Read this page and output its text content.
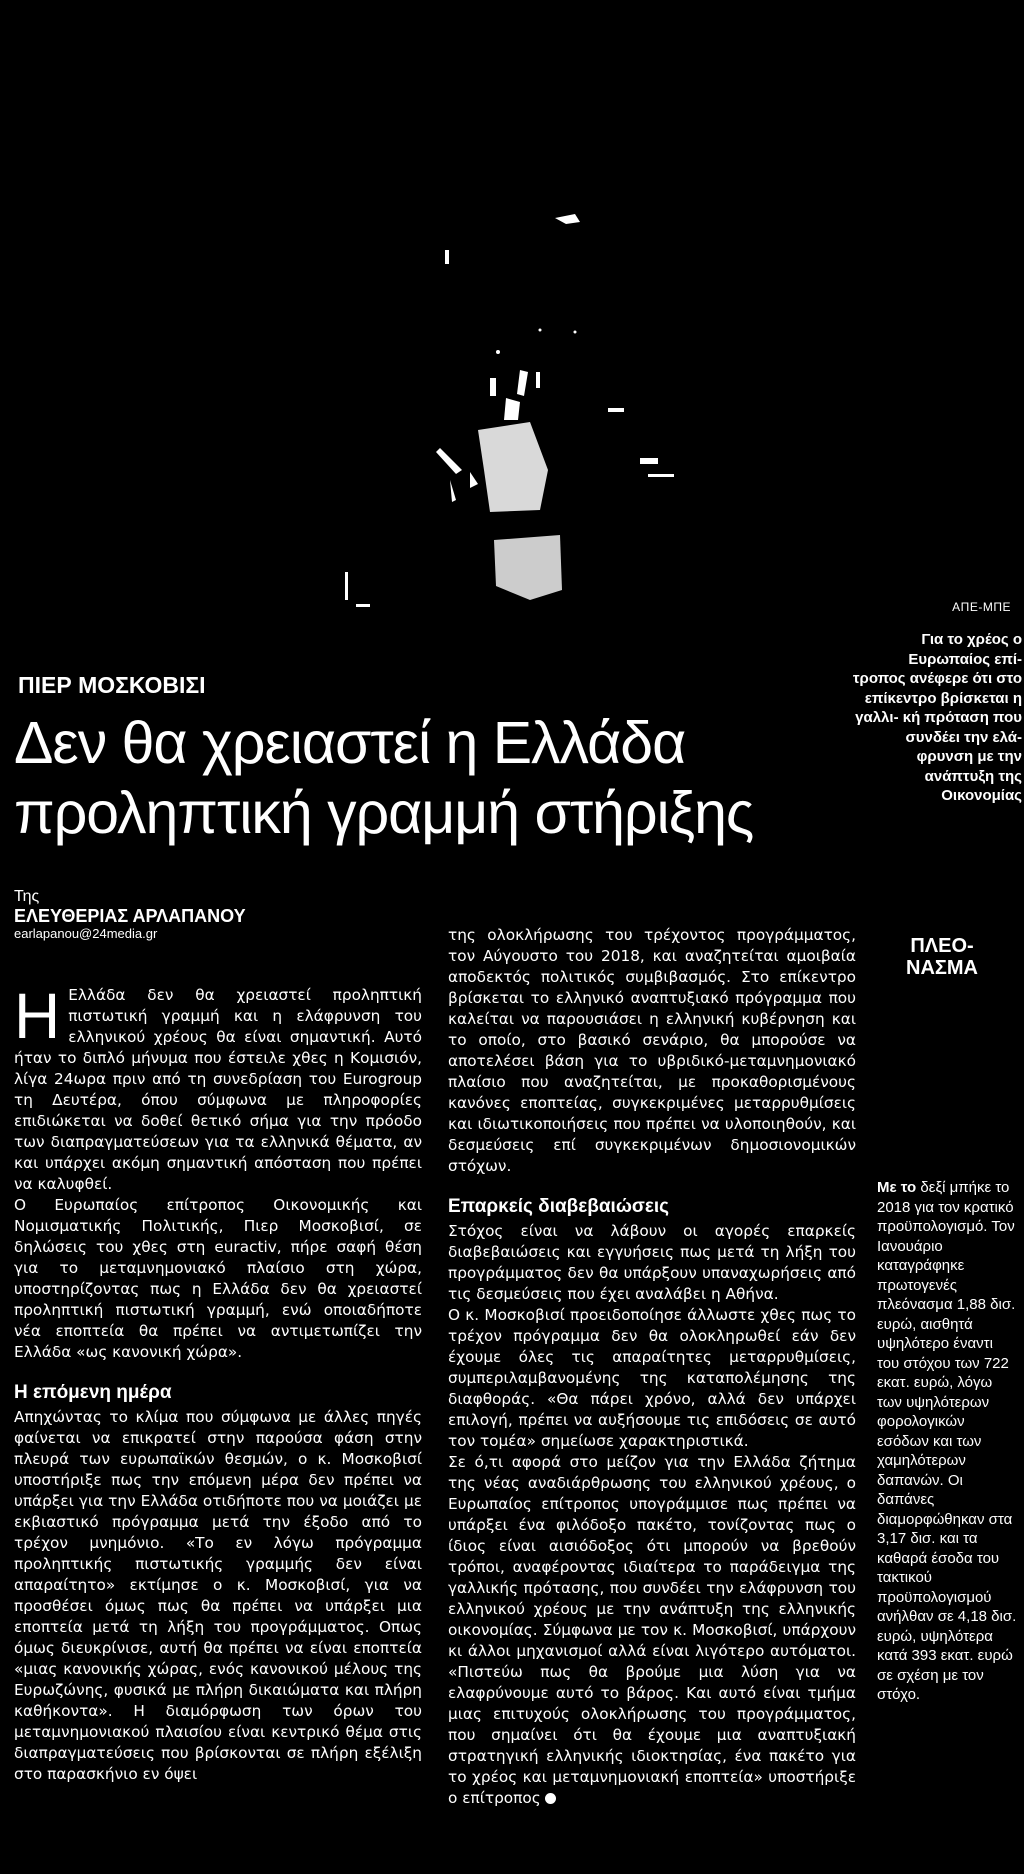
ΑΠΕ-ΜΠΕ
ΠΙΕΡ ΜΟΣΚΟΒΙΣΙ
Δεν θα χρειαστεί η Ελλάδα
προληπτική γραμμή στήριξης
Για το χρέος ο Ευρωπαίος επί- τροπος ανέφερε ότι στο επίκεντρο βρίσκεται η γαλλι- κή πρόταση που συνδέει την ελά- φρυνση με την ανάπτυξη της Οικονομίας
Της
ΕΛΕΥΘΕΡΙΑΣ ΑΡΛΑΠΑΝΟΥ
earlapanou@24media.gr

Η Ελλάδα δεν θα χρειαστεί προληπτική πιστωτική γραμμή και η ελάφρυνση του ελληνικού χρέους θα είναι σημαντική. Αυτό ήταν το διπλό μήνυμα που έστειλε χθες η Κομισιόν, λίγα 24ωρα πριν από τη συνεδρίαση του Eurogroup τη Δευτέρα, όπου σύμφωνα με πληροφορίες επιδιώκεται να δοθεί θετικό σήμα για την πρόοδο των διαπραγματεύσεων για τα ελληνικά θέματα, αν και υπάρχει ακόμη σημαντική απόσταση που πρέπει να καλυφθεί.

Ο Ευρωπαίος επίτροπος Οικονομικής και Νομισματικής Πολιτικής, Πιερ Μοσκοβισί, σε δηλώσεις του χθες στη euractiv, πήρε σαφή θέση για το μεταμνημονιακό πλαίσιο στη χώρα, υποστηρίζοντας πως η Ελλάδα δεν θα χρειαστεί προληπτική πιστωτική γραμμή, ενώ οποιαδήποτε νέα εποπτεία θα πρέπει να αντιμετωπίζει την Ελλάδα «ως κανονική χώρα».

Η επόμενη ημέρα

Απηχώντας το κλίμα που σύμφωνα με άλλες πηγές φαίνεται να επικρατεί στην παρούσα φάση στην πλευρά των ευρωπαϊκών θεσμών, ο κ. Μοσκοβισί υποστήριξε πως την επόμενη μέρα δεν πρέπει να υπάρξει για την Ελλάδα οτιδήποτε που να μοιάζει με εκβιαστικό πρόγραμμα μετά την έξοδο από το τρέχον μνημόνιο. «Το εν λόγω πρόγραμμα προληπτικής πιστωτικής γραμμής δεν είναι απαραίτητο» εκτίμησε ο κ. Μοσκοβισί, για να προσθέσει όμως πως θα πρέπει να υπάρξει μια εποπτεία μετά τη λήξη του προγράμματος. Οπως όμως διευκρίνισε, αυτή θα πρέπει να είναι εποπτεία «μιας κανονικής χώρας, ενός κανονικού μέλους της Ευρωζώνης, φυσικά με πλήρη δικαιώματα και πλήρη καθήκοντα». Η διαμόρφωση των όρων του μεταμνημονιακού πλαισίου είναι κεντρικό θέμα στις διαπραγματεύσεις που βρίσκονται σε πλήρη εξέλιξη στο παρασκήνιο εν όψει

της ολοκλήρωσης του τρέχοντος προγράμματος, τον Αύγουστο του 2018, και αναζητείται αμοιβαία αποδεκτός πολιτικός συμβιβασμός. Στο επίκεντρο βρίσκεται το ελληνικό αναπτυξιακό πρόγραμμα που καλείται να παρουσιάσει η ελληνική κυβέρνηση και το οποίο, στο βασικό σενάριο, θα μπορούσε να αποτελέσει βάση για το υβριδικό-μεταμνημονιακό πλαίσιο που αναζητείται, με προκαθορισμένους κανόνες εποπτείας, συγκεκριμένες μεταρρυθμίσεις και ιδιωτικοποιήσεις που πρέπει να υλοποιηθούν, και δεσμεύσεις επί συγκεκριμένων δημοσιονομικών στόχων.

Επαρκείς διαβεβαιώσεις

Στόχος είναι να λάβουν οι αγορές επαρκείς διαβεβαιώσεις και εγγυήσεις πως μετά τη λήξη του προγράμματος δεν θα υπάρξουν υπαναχωρήσεις από τις δεσμεύσεις που έχει αναλάβει η Αθήνα.

Ο κ. Μοσκοβισί προειδοποίησε άλλωστε χθες πως το τρέχον πρόγραμμα δεν θα ολοκληρωθεί εάν δεν έχουμε όλες τις απαραίτητες μεταρρυθμίσεις, συμπεριλαμβανομένης της καταπολέμησης της διαφθοράς. «Θα πάρει χρόνο, αλλά δεν υπάρχει επιλογή, πρέπει να αυξήσουμε τις επιδόσεις σε αυτό τον τομέα» σημείωσε χαρακτηριστικά.

Σε ό,τι αφορά στο μείζον για την Ελλάδα ζήτημα της νέας αναδιάρθρωσης του ελληνικού χρέους, ο Ευρωπαίος επίτροπος υπογράμμισε πως πρέπει να υπάρξει ένα φιλόδοξο πακέτο, τονίζοντας πως ο ίδιος είναι αισιόδοξος ότι μπορούν να βρεθούν τρόποι, αναφέροντας ιδιαίτερα το παράδειγμα της γαλλικής πρότασης, που συνδέει την ελάφρυνση του ελληνικού χρέους με την ανάπτυξη της ελληνικής οικονομίας. Σύμφωνα με τον κ. Μοσκοβισί, υπάρχουν κι άλλοι μηχανισμοί αλλά είναι λιγότερο αυτόματοι. «Πιστεύω πως θα βρούμε μια λύση για να ελαφρύνουμε αυτό το βάρος. Και αυτό είναι τμήμα μιας επιτυχούς ολοκλήρωσης του προγράμματος, που σημαίνει ότι θα έχουμε μια αναπτυξιακή στρατηγική ελληνικής ιδιοκτησίας, ένα πακέτο για το χρέος και μεταμνημονιακή εποπτεία» υποστήριξε ο επίτροπος

ΠΛΕΟ- ΝΑΣΜΑ
Με το δεξί μπήκε το 2018 για τον κρατικό προϋπολογισμό. Τον Ιανουάριο καταγράφηκε πρωτογενές πλεόνασμα 1,88 δισ. ευρώ, αισθητά υψηλότερο έναντι του στόχου των 722 εκατ. ευρώ, λόγω των υψηλότερων φορολογικών εσόδων και των χαμηλότερων δαπανών. Οι δαπάνες διαμορφώθηκαν στα 3,17 δισ. και τα καθαρά έσοδα του τακτικού προϋπολογισμού ανήλθαν σε 4,18 δισ. ευρώ, υψηλότερα κατά 393 εκατ. ευρώ σε σχέση με τον στόχο.
